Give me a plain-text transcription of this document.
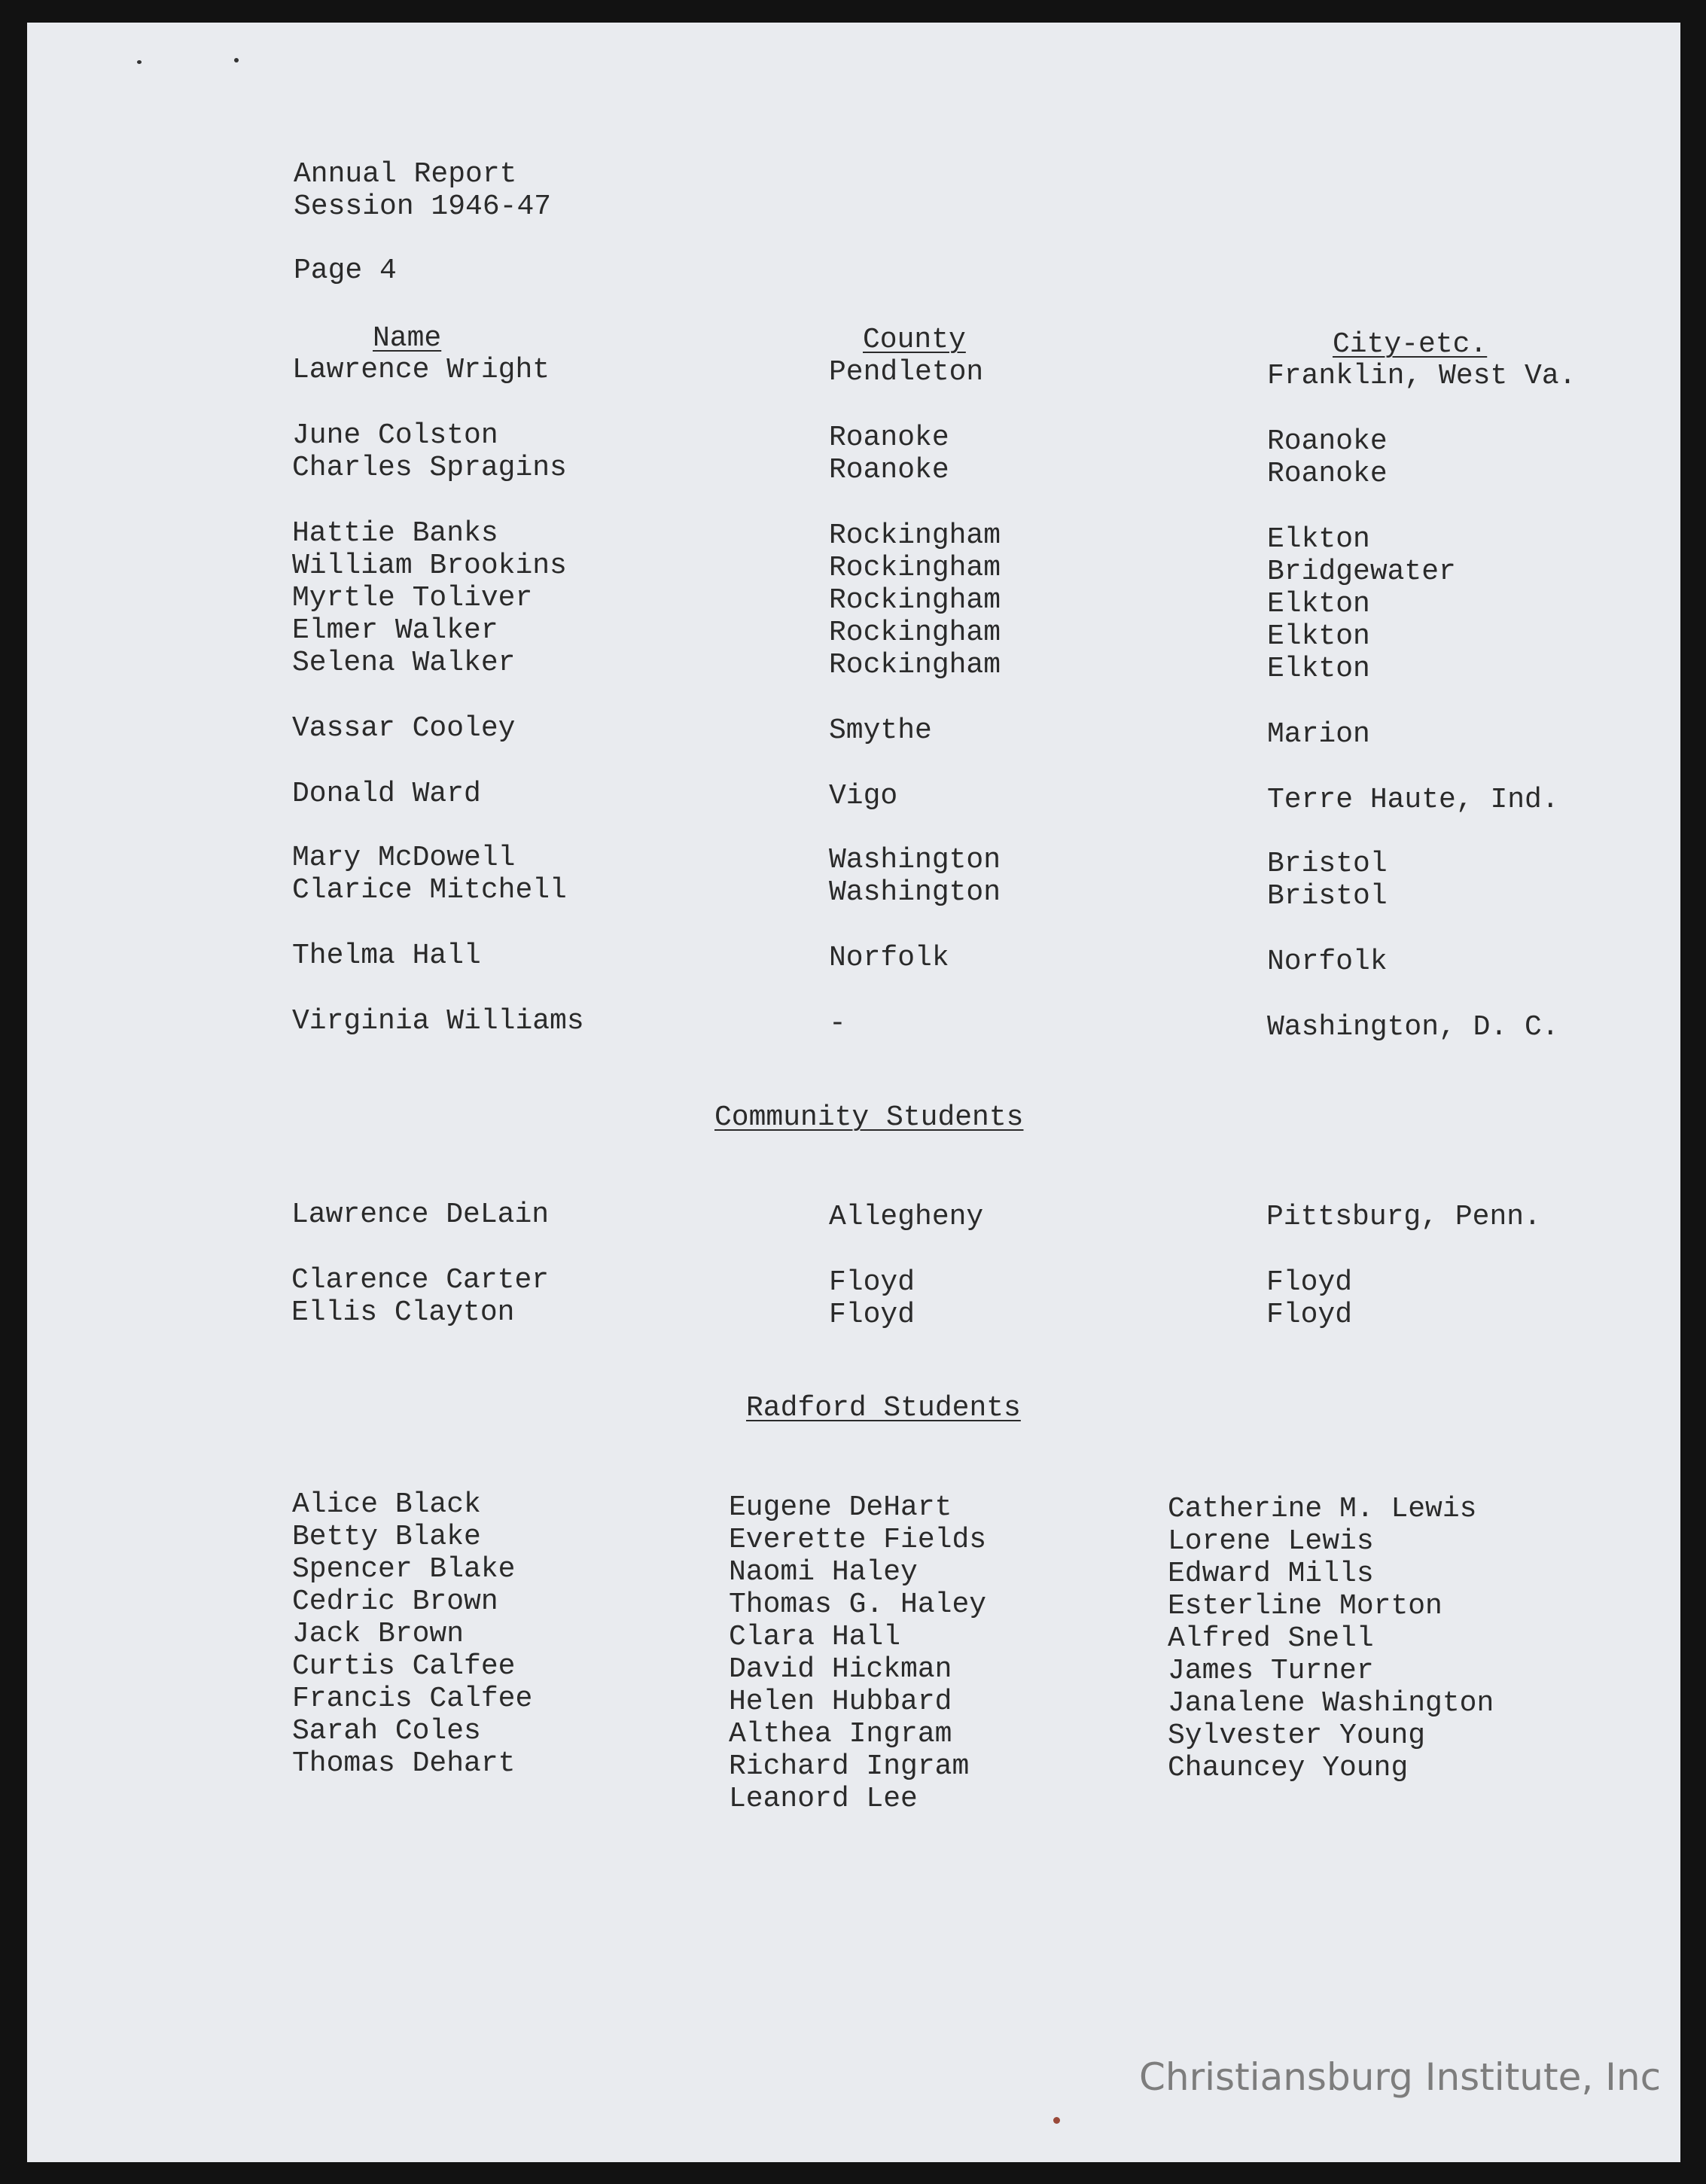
Annual Report
Session 1946-47
Page 4
Name	County	City-etc.
Lawrence Wright	Pendleton	Franklin, West Va.
June Colston	Roanoke	Roanoke
Charles Spragins	Roanoke	Roanoke
Hattie Banks	Rockingham	Elkton
William Brookins	Rockingham	Bridgewater
Myrtle Toliver	Rockingham	Elkton
Elmer Walker	Rockingham	Elkton
Selena Walker	Rockingham	Elkton
Vassar Cooley	Smythe	Marion
Donald Ward	Vigo	Terre Haute, Ind.
Mary McDowell	Washington	Bristol
Clarice Mitchell	Washington	Bristol
Thelma Hall	Norfolk	Norfolk
Virginia Williams	-	Washington, D. C.
Community Students
Lawrence DeLain	Allegheny	Pittsburg, Penn.
Clarence Carter	Floyd	Floyd
Ellis Clayton	Floyd	Floyd
Radford Students
Alice Black
Betty Blake
Spencer Blake
Cedric Brown
Jack Brown
Curtis Calfee
Francis Calfee
Sarah Coles
Thomas Dehart
Eugene DeHart
Everette Fields
Naomi Haley
Thomas G. Haley
Clara Hall
David Hickman
Helen Hubbard
Althea Ingram
Richard Ingram
Leanord Lee
Catherine M. Lewis
Lorene Lewis
Edward Mills
Esterline Morton
Alfred Snell
James Turner
Janalene Washington
Sylvester Young
Chauncey Young
Christiansburg Institute, Inc
